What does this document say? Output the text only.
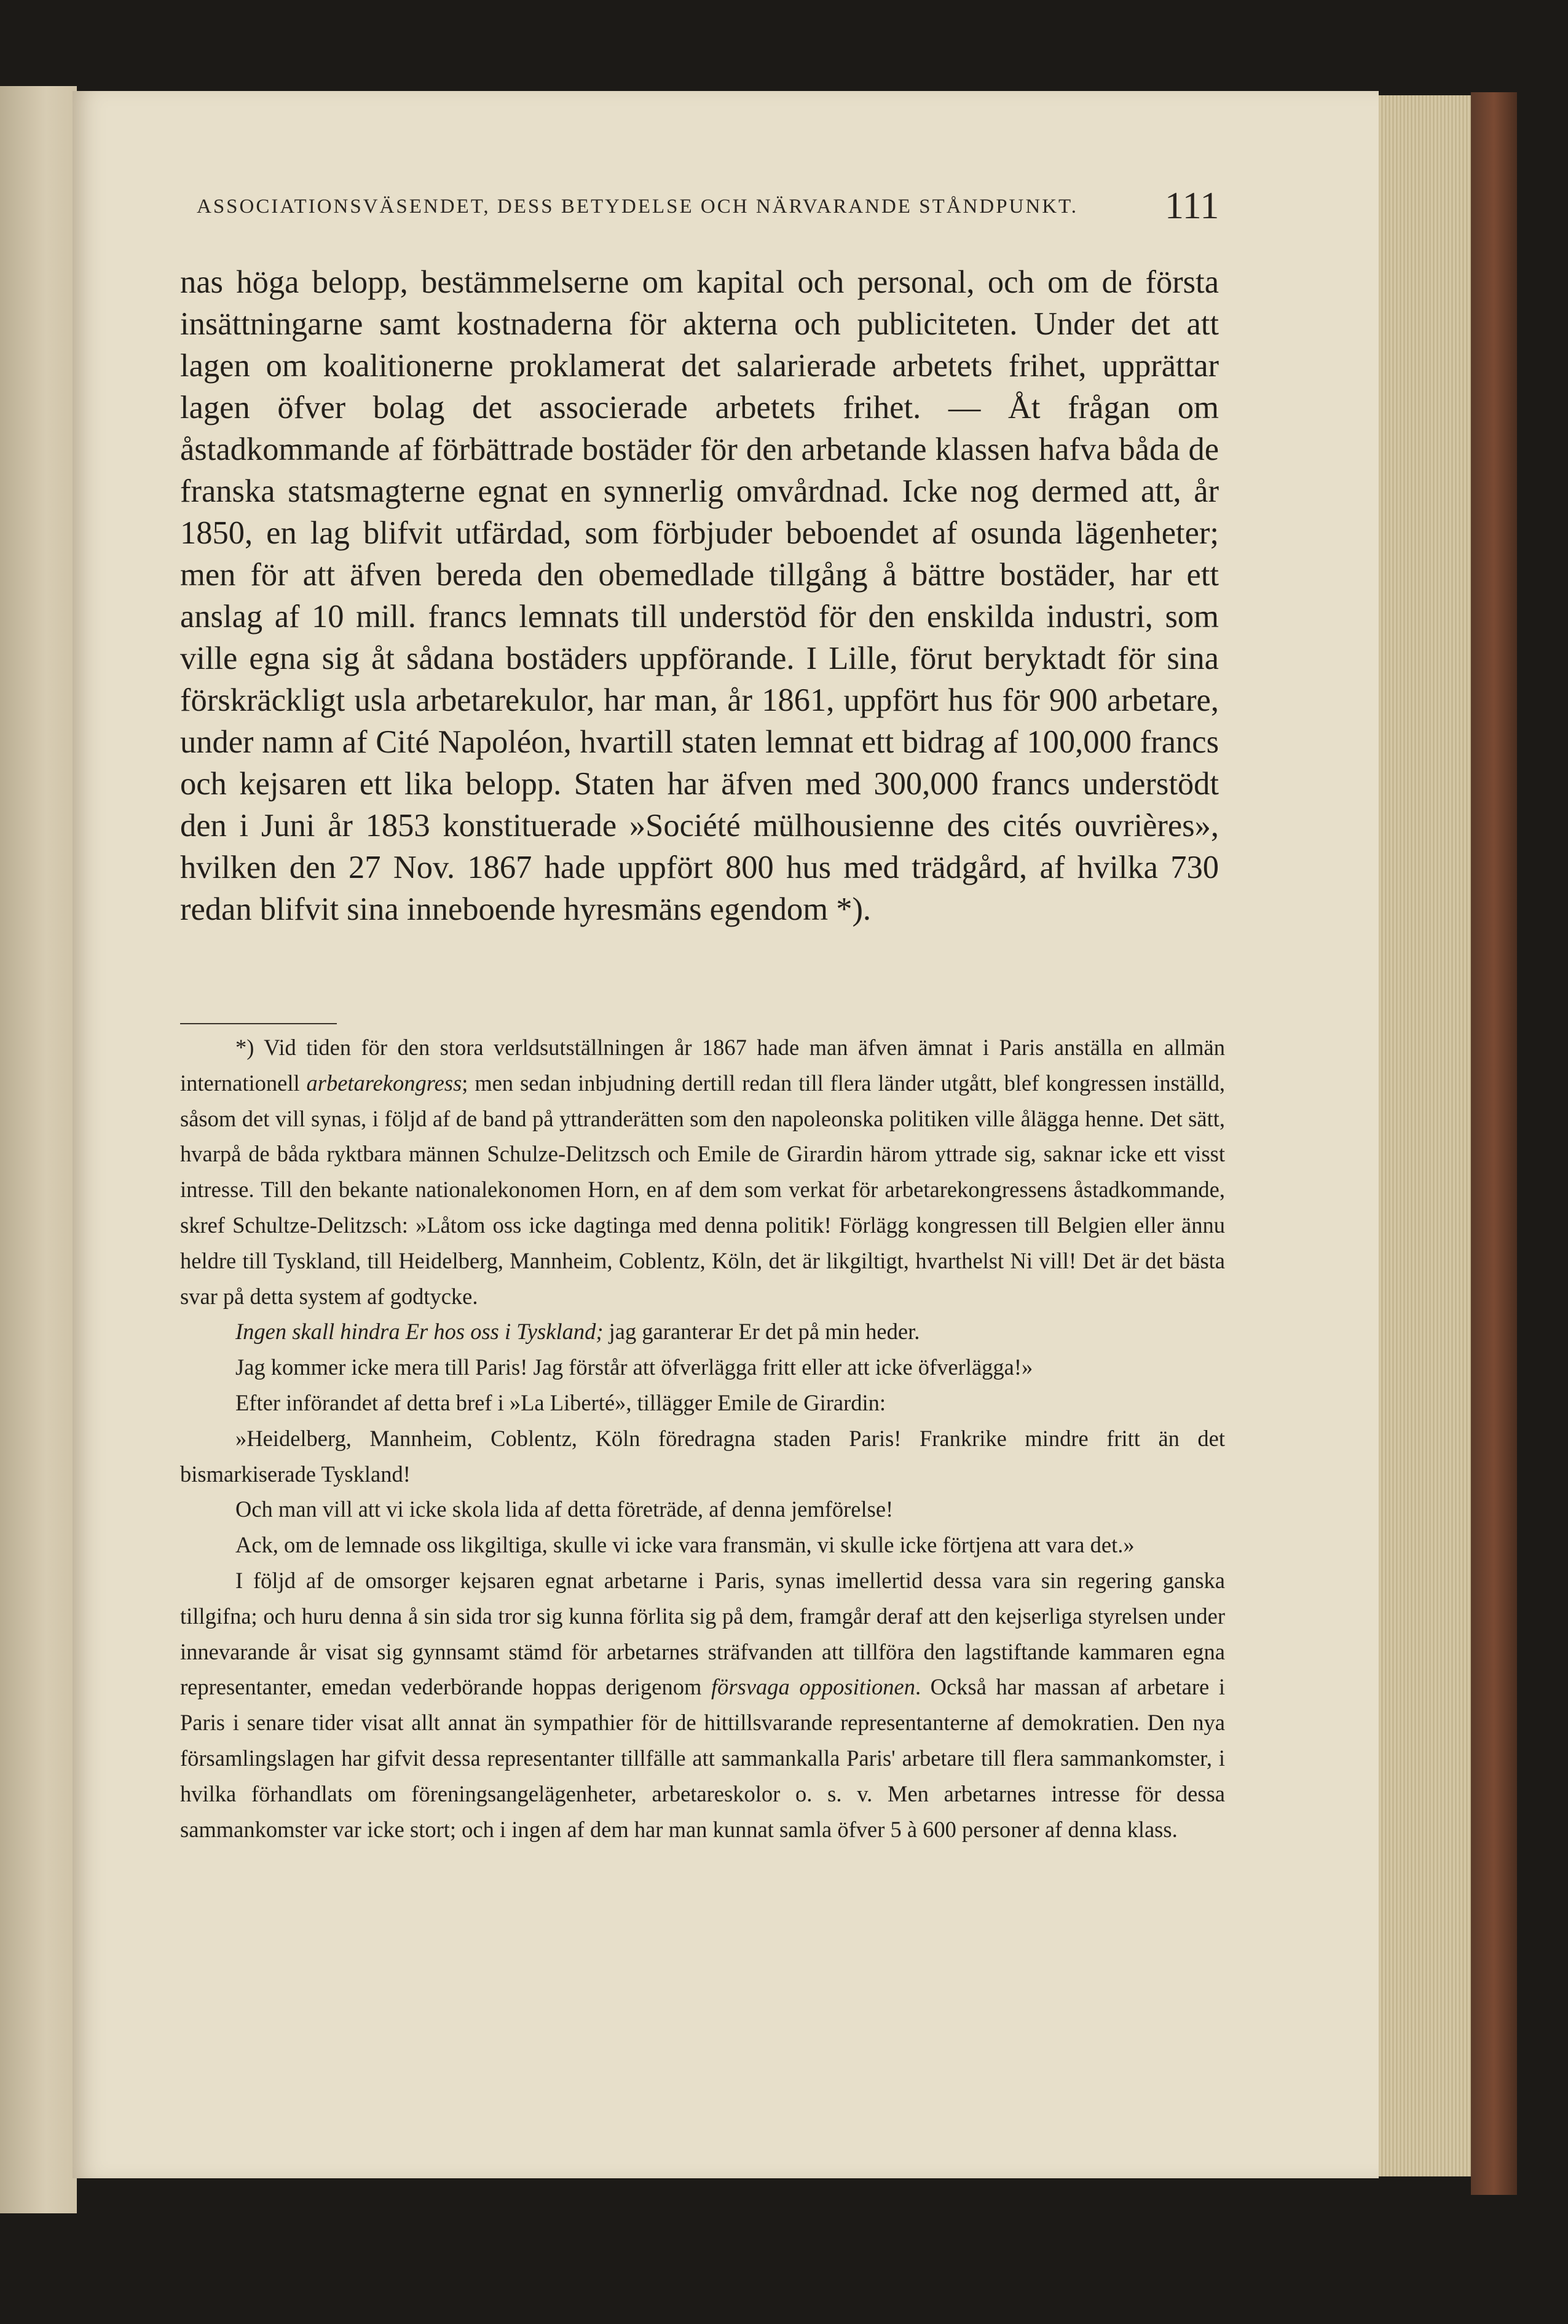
ASSOCIATIONSVÄSENDET, DESS BETYDELSE OCH NÄRVARANDE STÅNDPUNKT.	111
nas höga belopp, bestämmelserne om kapital och personal, och om de första insättningarne samt kostnaderna för akterna och publiciteten. Under det att lagen om koalitionerne proklamerat det salarierade arbetets frihet, upprättar lagen öfver bolag det associerade arbetets frihet. — Åt frågan om åstadkommande af förbättrade bostäder för den arbetande klassen hafva båda de franska statsmagterne egnat en synnerlig omvårdnad. Icke nog dermed att, år 1850, en lag blifvit utfärdad, som förbjuder beboendet af osunda lägenheter; men för att äfven bereda den obemedlade tillgång å bättre bostäder, har ett anslag af 10 mill. francs lemnats till understöd för den enskilda industri, som ville egna sig åt sådana bostäders uppförande. I Lille, förut beryktadt för sina förskräckligt usla arbetarekulor, har man, år 1861, uppfört hus för 900 arbetare, under namn af Cité Napoléon, hvartill staten lemnat ett bidrag af 100,000 francs och kejsaren ett lika belopp. Staten har äfven med 300,000 francs understödt den i Juni år 1853 konstituerade »Société mülhousienne des cités ouvrières», hvilken den 27 Nov. 1867 hade uppfört 800 hus med trädgård, af hvilka 730 redan blifvit sina inneboende hyresmäns egendom *).

*) Vid tiden för den stora verldsutställningen år 1867 hade man äfven ämnat i Paris anställa en allmän internationell arbetarekongress; men sedan inbjudning dertill redan till flera länder utgått, blef kongressen inställd, såsom det vill synas, i följd af de band på yttranderätten som den napoleonska politiken ville ålägga henne. Det sätt, hvarpå de båda ryktbara männen Schulze-Delitzsch och Emile de Girardin härom yttrade sig, saknar icke ett visst intresse. Till den bekante nationalekonomen Horn, en af dem som verkat för arbetarekongressens åstadkommande, skref Schultze-Delitzsch: »Låtom oss icke dagtinga med denna politik! Förlägg kongressen till Belgien eller ännu heldre till Tyskland, till Heidelberg, Mannheim, Coblentz, Köln, det är likgiltigt, hvarthelst Ni vill! Det är det bästa svar på detta system af godtycke.

Ingen skall hindra Er hos oss i Tyskland; jag garanterar Er det på min heder.

Jag kommer icke mera till Paris! Jag förstår att öfverlägga fritt eller att icke öfverlägga!»

Efter införandet af detta bref i »La Liberté», tillägger Emile de Girardin:

»Heidelberg, Mannheim, Coblentz, Köln föredragna staden Paris! Frankrike mindre fritt än det bismarkiserade Tyskland!

Och man vill att vi icke skola lida af detta företräde, af denna jemförelse!

Ack, om de lemnade oss likgiltiga, skulle vi icke vara fransmän, vi skulle icke förtjena att vara det.»

I följd af de omsorger kejsaren egnat arbetarne i Paris, synas imellertid dessa vara sin regering ganska tillgifna; och huru denna å sin sida tror sig kunna förlita sig på dem, framgår deraf att den kejserliga styrelsen under innevarande år visat sig gynnsamt stämd för arbetarnes sträfvanden att tillföra den lagstiftande kammaren egna representanter, emedan vederbörande hoppas derigenom försvaga oppositionen. Också har massan af arbetare i Paris i senare tider visat allt annat än sympathier för de hittillsvarande representanterne af demokratien. Den nya församlingslagen har gifvit dessa representanter tillfälle att sammankalla Paris' arbetare till flera sammankomster, i hvilka förhandlats om föreningsangelägenheter, arbetareskolor o. s. v. Men arbetarnes intresse för dessa sammankomster var icke stort; och i ingen af dem har man kunnat samla öfver 5 à 600 personer af denna klass.
